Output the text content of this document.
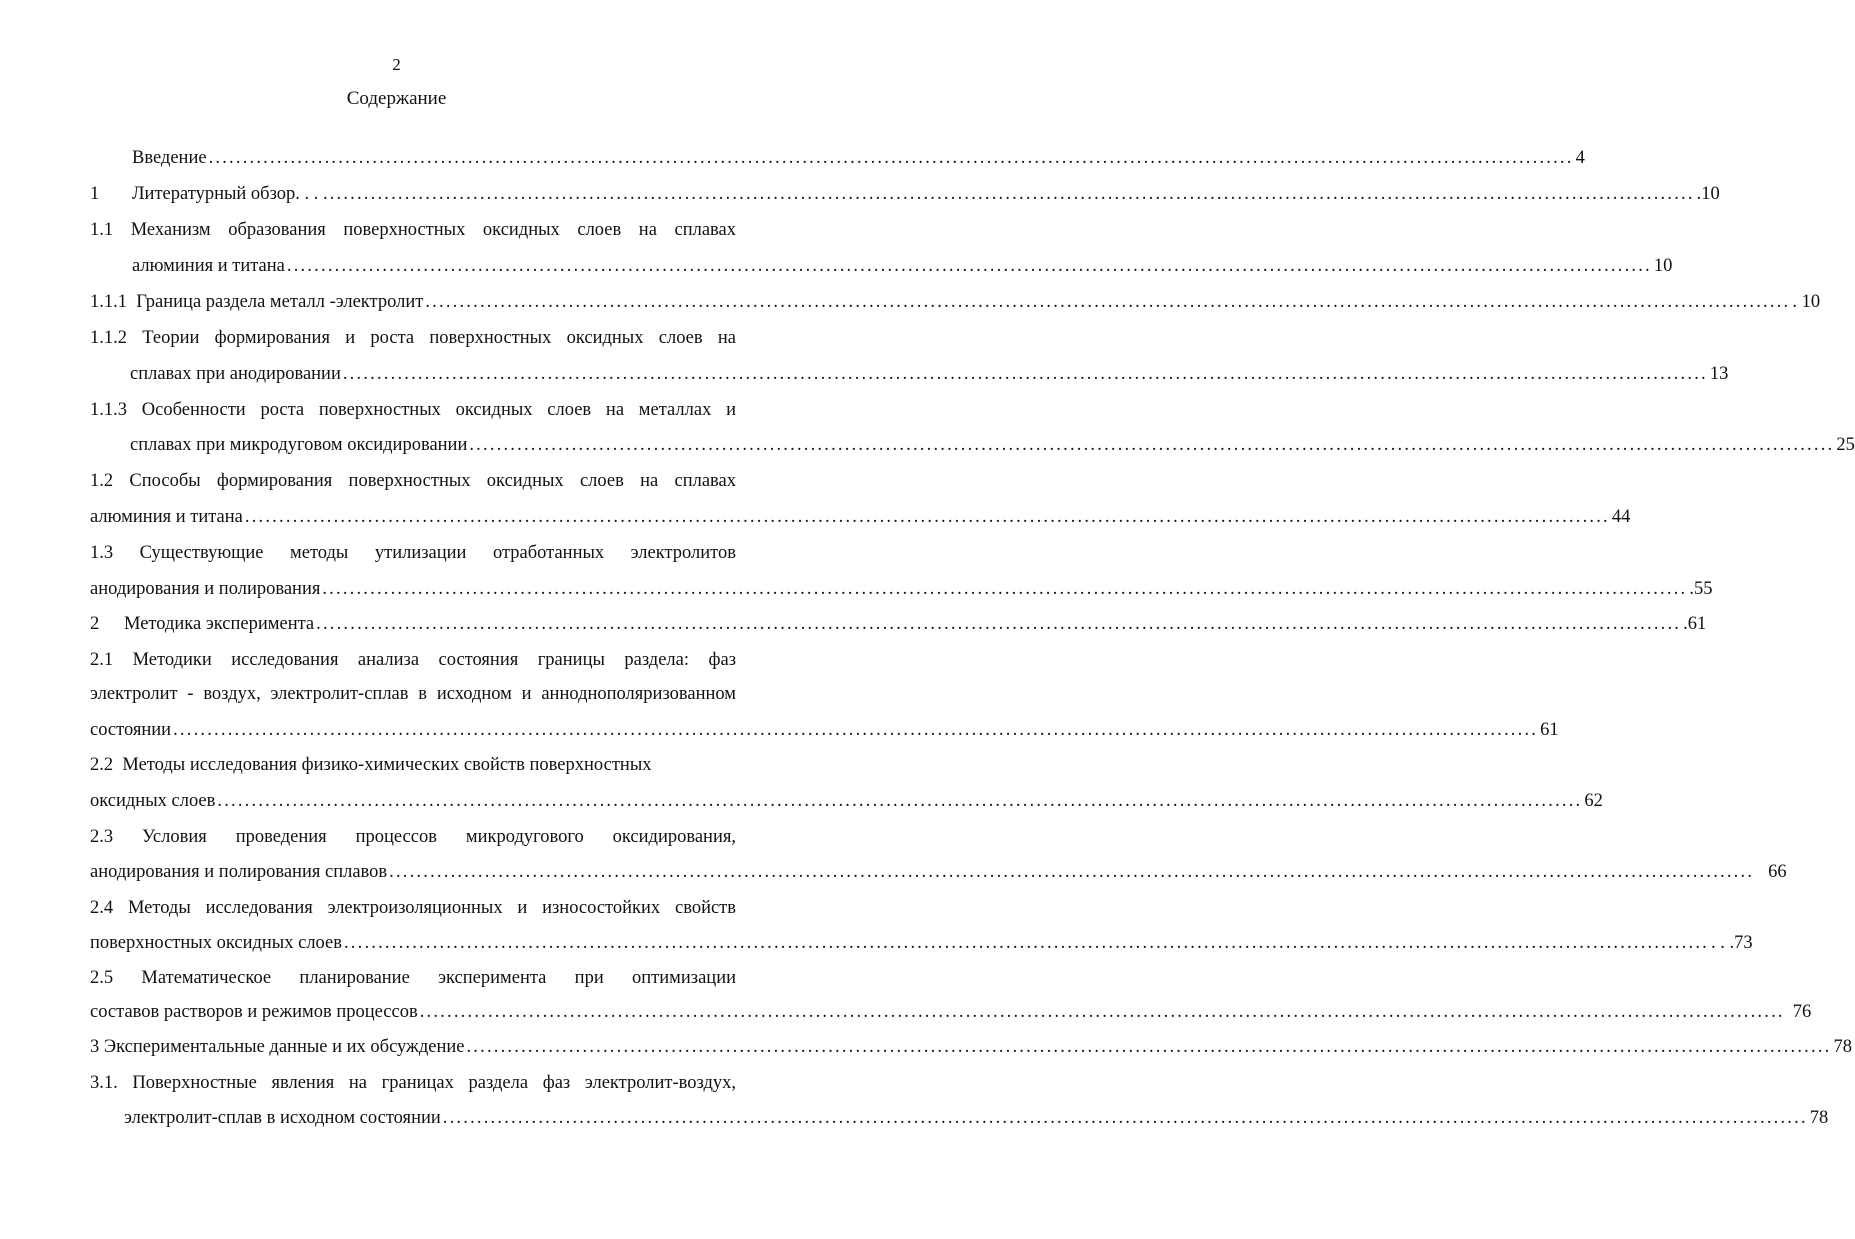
2
Содержание
Введение ........................................................................................................................................................................................................ 4
1 Литературный обзор. . . . ........................................................................................................................................................................................................ .10
1.1 Механизм образования поверхностных оксидных слоев на сплавах
алюминия и титана ........................................................................................................................................................................................................ 10
1.1.1  Граница раздела металл -электролит ........................................................................................................................................................................................................ . 10
1.1.2 Теории формирования и роста поверхностных оксидных слоев на
сплавах при анодировании ........................................................................................................................................................................................................ 13
1.1.3 Особенности роста поверхностных оксидных слоев на металлах и
сплавах при микродуговом оксидировании ........................................................................................................................................................................................................ 25
1.2 Способы формирования поверхностных оксидных слоев на сплавах
алюминия и титана ........................................................................................................................................................................................................ 44
1.3 Существующие методы утилизации отработанных электролитов
анодирования и полирования ........................................................................................................................................................................................................ .55
2 Методика эксперимента ........................................................................................................................................................................................................ .61
2.1 Методики исследования анализа состояния границы раздела: фаз
электролит - воздух, электролит-сплав в исходном и анноднополяризованном
состоянии ........................................................................................................................................................................................................ 61
2.2  Методы исследования физико-химических свойств поверхностных
оксидных слоев ........................................................................................................................................................................................................ 62
2.3 Условия проведения процессов микродугового оксидирования,
анодирования и полирования сплавов ........................................................................................................................................................................................................ 66
2.4 Методы исследования электроизоляционных и износостойких свойств
поверхностных оксидных слоев ........................................................................................................................................................................................................ . . .73
2.5 Математическое планирование эксперимента при оптимизации
составов растворов и режимов процессов ........................................................................................................................................................................................................ 76
3 Экспериментальные данные и их обсуждение ........................................................................................................................................................................................................ 78
3.1. Поверхностные явления на границах раздела фаз электролит-воздух,
электролит-сплав в исходном состоянии ........................................................................................................................................................................................................ 78
